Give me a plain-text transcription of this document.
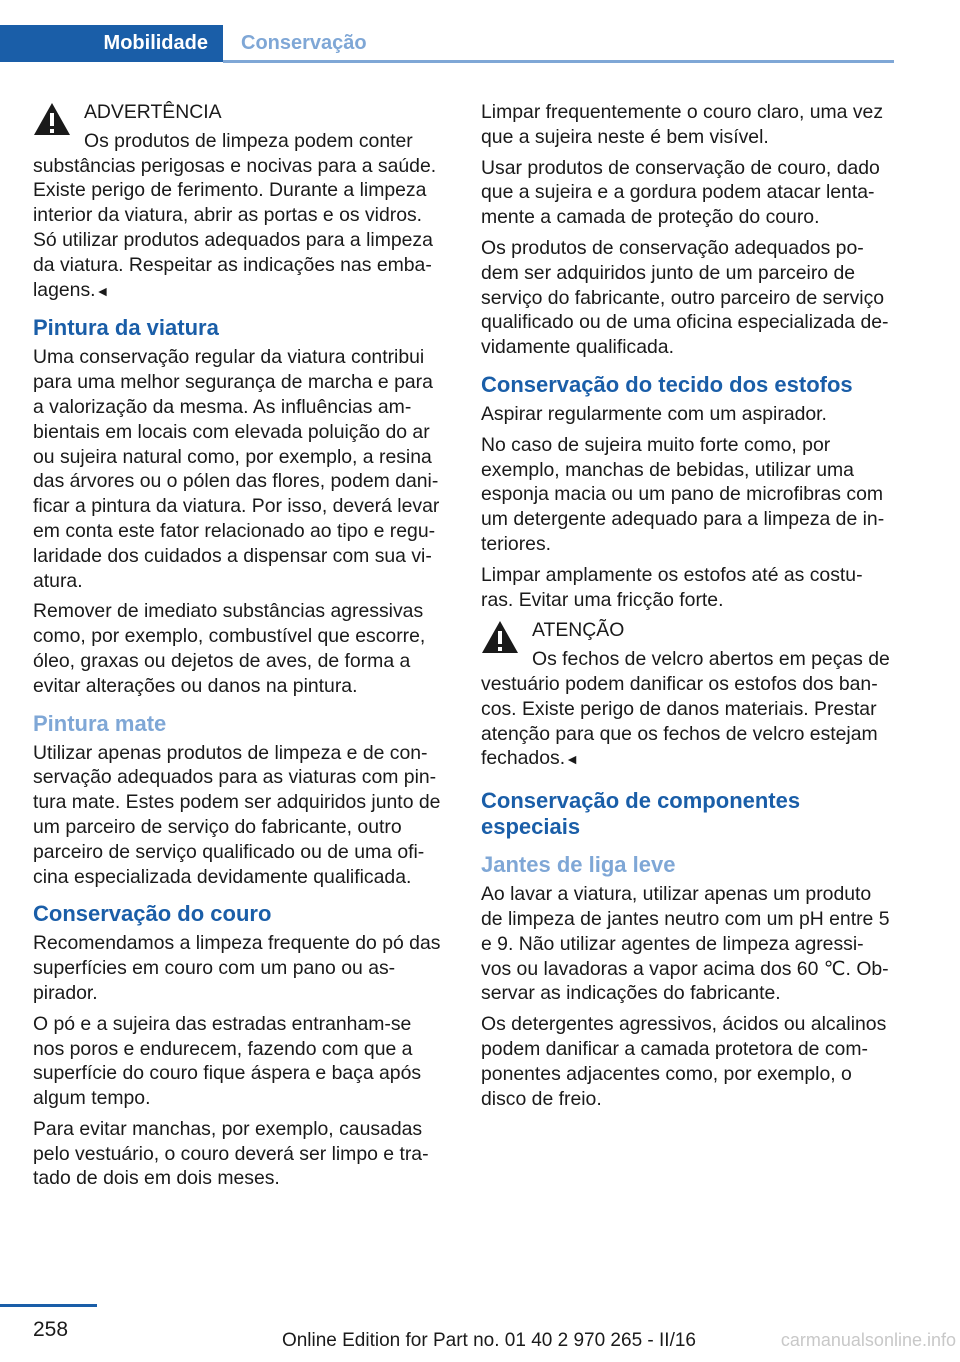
Mobilidade Conservação

ADVERTÊNCIA

Os produtos de limpeza podem conter

substâncias perigosas e nocivas para a saúde. Existe perigo de ferimento. Durante a limpeza interior da viatura, abrir as portas e os vidros. Só utilizar produtos adequados para a limpeza da viatura. Respeitar as indicações nas emba- lagens.◄

Pintura da viatura

Uma conservação regular da viatura contribui para uma melhor segurança de marcha e para a valorização da mesma. As influências am- bientais em locais com elevada poluição do ar ou sujeira natural como, por exemplo, a resina das árvores ou o pólen das flores, podem dani- ficar a pintura da viatura. Por isso, deverá levar em conta este fator relacionado ao tipo e regu- laridade dos cuidados a dispensar com sua vi- atura.

Remover de imediato substâncias agressivas como, por exemplo, combustível que escorre, óleo, graxas ou dejetos de aves, de forma a evitar alterações ou danos na pintura.

Pintura mate

Utilizar apenas produtos de limpeza e de con- servação adequados para as viaturas com pin- tura mate. Estes podem ser adquiridos junto de um parceiro de serviço do fabricante, outro parceiro de serviço qualificado ou de uma ofi- cina especializada devidamente qualificada.

Conservação do couro

Recomendamos a limpeza frequente do pó das superfícies em couro com um pano ou as- pirador.

O pó e a sujeira das estradas entranham-se nos poros e endurecem, fazendo com que a superfície do couro fique áspera e baça após algum tempo.

Para evitar manchas, por exemplo, causadas pelo vestuário, o couro deverá ser limpo e tra- tado de dois em dois meses.

Limpar frequentemente o couro claro, uma vez que a sujeira neste é bem visível.

Usar produtos de conservação de couro, dado que a sujeira e a gordura podem atacar lenta- mente a camada de proteção do couro.

Os produtos de conservação adequados po- dem ser adquiridos junto de um parceiro de serviço do fabricante, outro parceiro de serviço qualificado ou de uma oficina especializada de- vidamente qualificada.

Conservação do tecido dos estofos

Aspirar regularmente com um aspirador.

No caso de sujeira muito forte como, por exemplo, manchas de bebidas, utilizar uma esponja macia ou um pano de microfibras com um detergente adequado para a limpeza de in- teriores.

Limpar amplamente os estofos até as costu- ras. Evitar uma fricção forte.

ATENÇÃO

Os fechos de velcro abertos em peças de

vestuário podem danificar os estofos dos ban- cos. Existe perigo de danos materiais. Prestar atenção para que os fechos de velcro estejam fechados.◄

Conservação de componentes especiais
Jantes de liga leve

Ao lavar a viatura, utilizar apenas um produto de limpeza de jantes neutro com um pH entre 5 e 9. Não utilizar agentes de limpeza agressi- vos ou lavadoras a vapor acima dos 60 ℃. Ob- servar as indicações do fabricante.

Os detergentes agressivos, ácidos ou alcalinos podem danificar a camada protetora de com- ponentes adjacentes como, por exemplo, o disco de freio.

258	Online Edition for Part no. 01 40 2 970 265 - II/16	carmanualsonline.info
